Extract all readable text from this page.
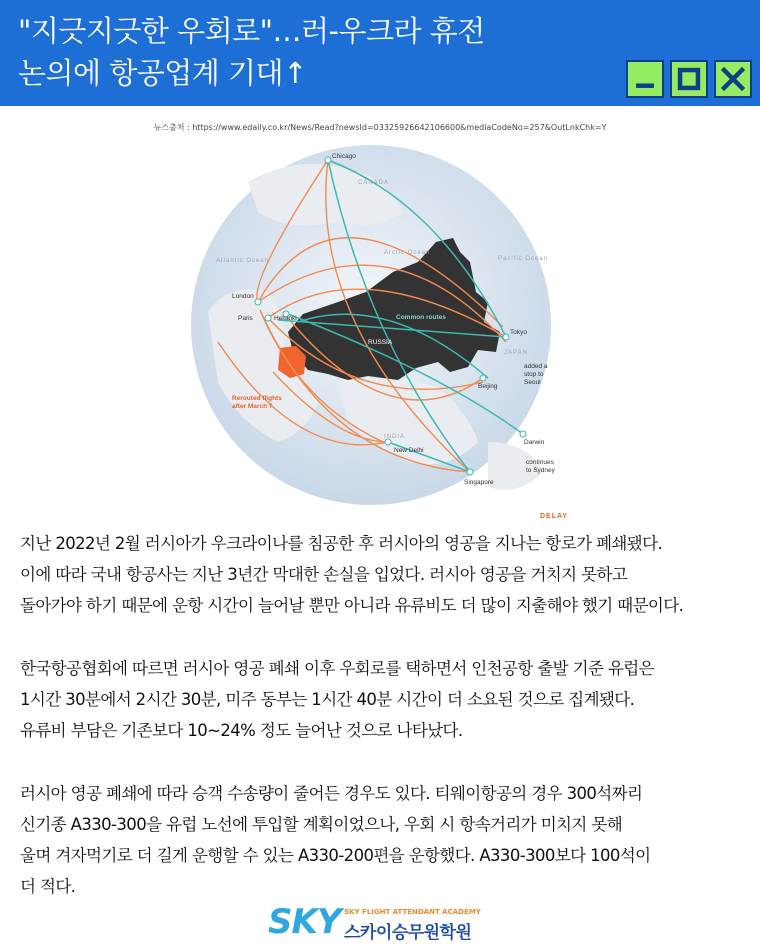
"지긋지긋한 우회로"…러-우크라 휴전
논의에 항공업계 기대↑
뉴스출처 : https://www.edaily.co.kr/News/Read?newsId=03325926642106600&mediaCodeNo=257&OutLnkChk=Y
CANADA
Atlantic Ocean
Arctic Ocean
Pacific Ocean
RUSSIA
JAPAN
INDIA
Chicago
London
Paris	Helsinki
Tokyo
Beijing
New Delhi
Singapore
Darwin
Common routes
Rerouted flights
after March 7
added a
stop to
Seoul
continues
to Sydney
DELAY

지난 2022년 2월 러시아가 우크라이나를 침공한 후 러시아의 영공을 지나는 항로가 폐쇄됐다.
이에 따라 국내 항공사는 지난 3년간 막대한 손실을 입었다. 러시아 영공을 거치지 못하고
돌아가야 하기 때문에 운항 시간이 늘어날 뿐만 아니라 유류비도 더 많이 지출해야 했기 때문이다.

한국항공협회에 따르면 러시아 영공 폐쇄 이후 우회로를 택하면서 인천공항 출발 기준 유럽은
1시간 30분에서 2시간 30분, 미주 동부는 1시간 40분 시간이 더 소요된 것으로 집계됐다.
유류비 부담은 기존보다 10~24% 정도 늘어난 것으로 나타났다.

러시아 영공 폐쇄에 따라 승객 수송량이 줄어든 경우도 있다. 티웨이항공의 경우 300석짜리
신기종 A330-300을 유럽 노선에 투입할 계획이었으나, 우회 시 항속거리가 미치지 못해
울며 겨자먹기로 더 길게 운행할 수 있는 A330-200편을 운항했다. A330-300보다 100석이
더 적다.

SKY SKY FLIGHT ATTENDANT ACADEMY
스카이승무원학원
